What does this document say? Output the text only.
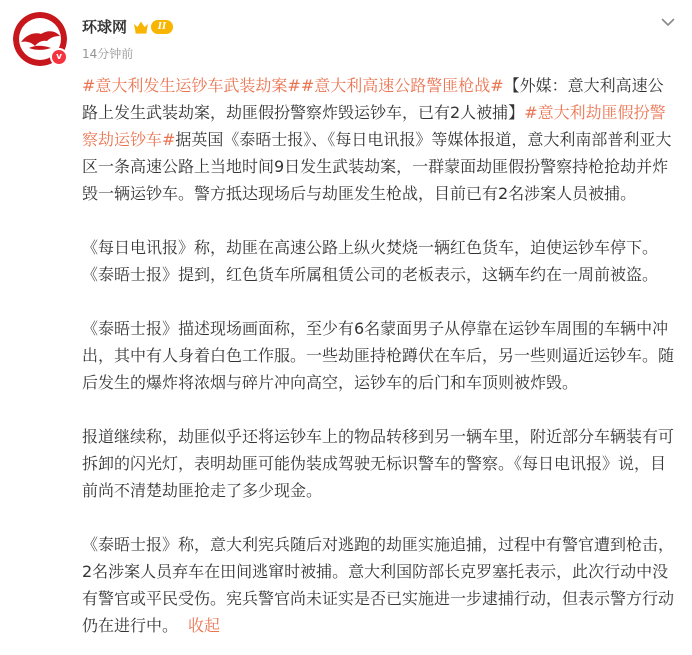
v
环球网	II
14分钟前

#意大利发生运钞车武装劫案##意大利高速公路警匪枪战#【外媒：意大利高速公路上发生武装劫案，劫匪假扮警察炸毁运钞车，已有2人被捕】#意大利劫匪假扮警察劫运钞车#据英国《泰晤士报》、《每日电讯报》等媒体报道，意大利南部普利亚大区一条高速公路上当地时间9日发生武装劫案，一群蒙面劫匪假扮警察持枪抢劫并炸毁一辆运钞车。警方抵达现场后与劫匪发生枪战，目前已有2名涉案人员被捕。

《每日电讯报》称，劫匪在高速公路上纵火焚烧一辆红色货车，迫使运钞车停下。《泰晤士报》提到，红色货车所属租赁公司的老板表示，这辆车约在一周前被盗。

《泰晤士报》描述现场画面称，至少有6名蒙面男子从停靠在运钞车周围的车辆中冲出，其中有人身着白色工作服。一些劫匪持枪蹲伏在车后，另一些则逼近运钞车。随后发生的爆炸将浓烟与碎片冲向高空，运钞车的后门和车顶则被炸毁。

报道继续称，劫匪似乎还将运钞车上的物品转移到另一辆车里，附近部分车辆装有可拆卸的闪光灯，表明劫匪可能伪装成驾驶无标识警车的警察。《每日电讯报》说，目前尚不清楚劫匪抢走了多少现金。

《泰晤士报》称，意大利宪兵随后对逃跑的劫匪实施追捕，过程中有警官遭到枪击，2名涉案人员弃车在田间逃窜时被捕。意大利国防部长克罗塞托表示，此次行动中没有警官或平民受伤。宪兵警官尚未证实是否已实施进一步逮捕行动，但表示警方行动仍在进行中。 收起
